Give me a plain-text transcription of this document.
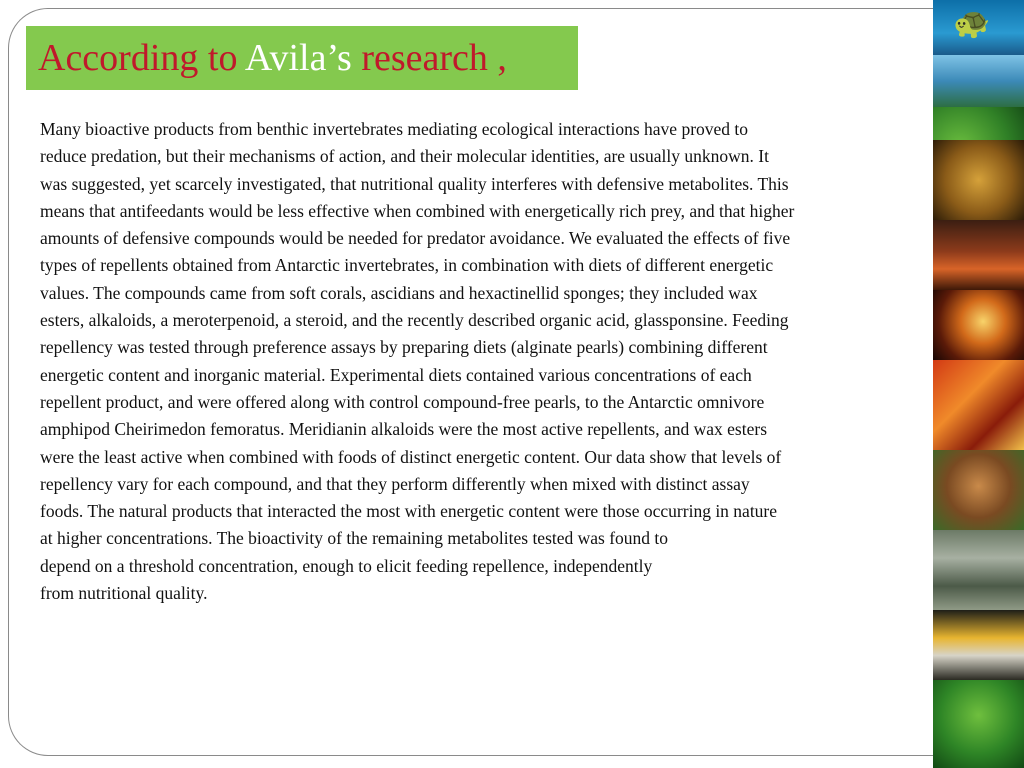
According to Avila’s research ,

Many bioactive products from benthic invertebrates mediating ecological interactions have proved to
reduce predation, but their mechanisms of action, and their molecular identities, are usually unknown. It
was suggested, yet scarcely investigated, that nutritional quality interferes with defensive metabolites. This
means that antifeedants would be less effective when combined with energetically rich prey, and that higher
amounts of defensive compounds would be needed for predator avoidance. We evaluated the effects of five
types of repellents obtained from Antarctic invertebrates, in combination with diets of different energetic
values. The compounds came from soft corals, ascidians and hexactinellid sponges; they included wax
esters, alkaloids, a meroterpenoid, a steroid, and the recently described organic acid, glassponsine. Feeding
repellency was tested through preference assays by preparing diets (alginate pearls) combining different
energetic content and inorganic material. Experimental diets contained various concentrations of each
repellent product, and were offered along with control compound-free pearls, to the Antarctic omnivore
amphipod Cheirimedon femoratus. Meridianin alkaloids were the most active repellents, and wax esters
were the least active when combined with foods of distinct energetic content. Our data show that levels of
repellency vary for each compound, and that they perform differently when mixed with distinct assay
foods. The natural products that interacted the most with energetic content were those occurring in nature
at higher concentrations. The bioactivity of the remaining metabolites tested was found to
depend on a threshold concentration, enough to elicit feeding repellence, independently
from nutritional quality.

🐢
